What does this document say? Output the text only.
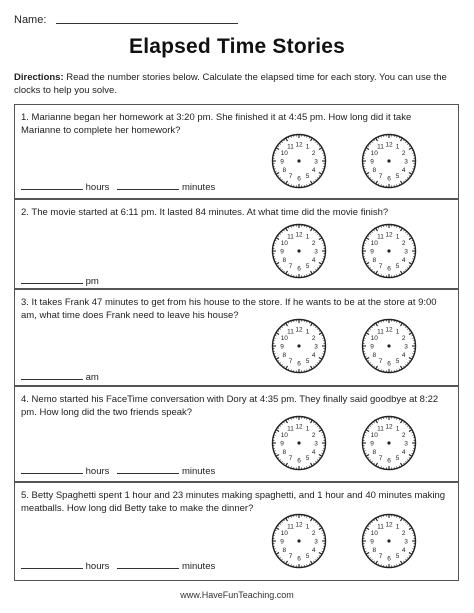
Name:
Elapsed Time Stories
Directions: Read the number stories below. Calculate the elapsed time for each story. You can use the clocks to help you solve.
1. Marianne began her homework at 3:20 pm. She finished it at 4:45 pm. How long did it take Marianne to complete her homework?
hours	minutes
12 1
2
3
4
5
6
7
8
9
10
11	12 1
2
3
4
5
6
7
8
9
10
11
2. The movie started at 6:11 pm. It lasted 84 minutes. At what time did the movie finish?
pm
12 1
2
3
4
5
6
7
8
9
10
11	12 1
2
3
4
5
6
7
8
9
10
11
3. It takes Frank 47 minutes to get from his house to the store. If he wants to be at the store at 9:00 am, what time does Frank need to leave his house?
am
12 1
2
3
4
5
6
7
8
9
10
11	12 1
2
3
4
5
6
7
8
9
10
11
4. Nemo started his FaceTime conversation with Dory at 4:35 pm. They finally said goodbye at 8:22 pm. How long did the two friends speak?
hours	minutes
12 1
2
3
4
5
6
7
8
9
10
11	12 1
2
3
4
5
6
7
8
9
10
11
5. Betty Spaghetti spent 1 hour and 23 minutes making spaghetti, and 1 hour and 40 minutes making meatballs. How long did Betty take to make the dinner?
hours	minutes
12 1
2
3
4
5
6
7
8
9
10
11	12 1
2
3
4
5
6
7
8
9
10
11
www.HaveFunTeaching.com
